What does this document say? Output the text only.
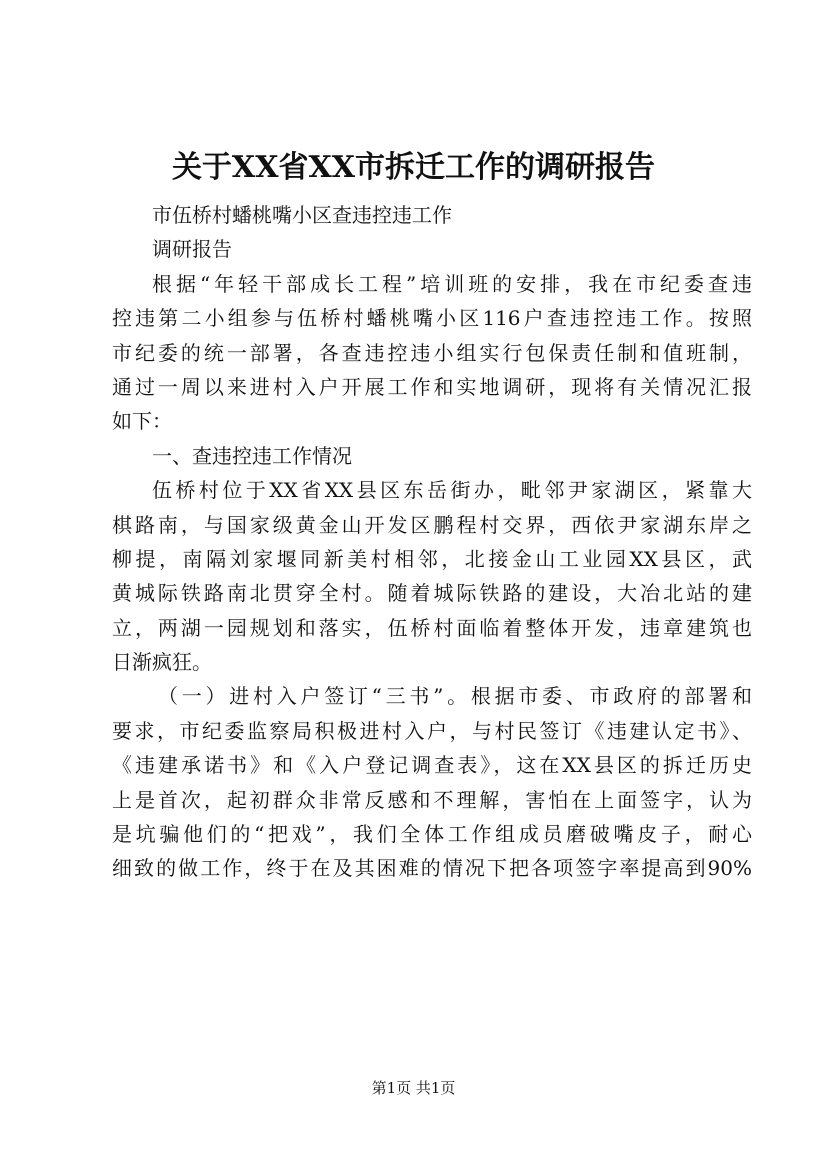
关于XX省XX市拆迁工作的调研报告
市伍桥村蟠桃嘴小区查违控违工作
调研报告
根据“年轻干部成长工程”培训班的安排，我在市纪委查违
控违第二小组参与伍桥村蟠桃嘴小区116户查违控违工作。按照
市纪委的统一部署，各查违控违小组实行包保责任制和值班制，
通过一周以来进村入户开展工作和实地调研，现将有关情况汇报
如下：
一、查违控违工作情况
伍桥村位于XX省XX县区东岳街办，毗邻尹家湖区，紧靠大
棋路南，与国家级黄金山开发区鹏程村交界，西依尹家湖东岸之
柳提，南隔刘家堰同新美村相邻，北接金山工业园XX县区，武
黄城际铁路南北贯穿全村。随着城际铁路的建设，大冶北站的建
立，两湖一园规划和落实，伍桥村面临着整体开发，违章建筑也
日渐疯狂。
（一）进村入户签订“三书”。根据市委、市政府的部署和
要求，市纪委监察局积极进村入户，与村民签订《违建认定书》、
《违建承诺书》和《入户登记调查表》，这在XX县区的拆迁历史
上是首次，起初群众非常反感和不理解，害怕在上面签字，认为
是坑骗他们的“把戏”，我们全体工作组成员磨破嘴皮子，耐心
细致的做工作，终于在及其困难的情况下把各项签字率提高到90%
第1页 共1页
